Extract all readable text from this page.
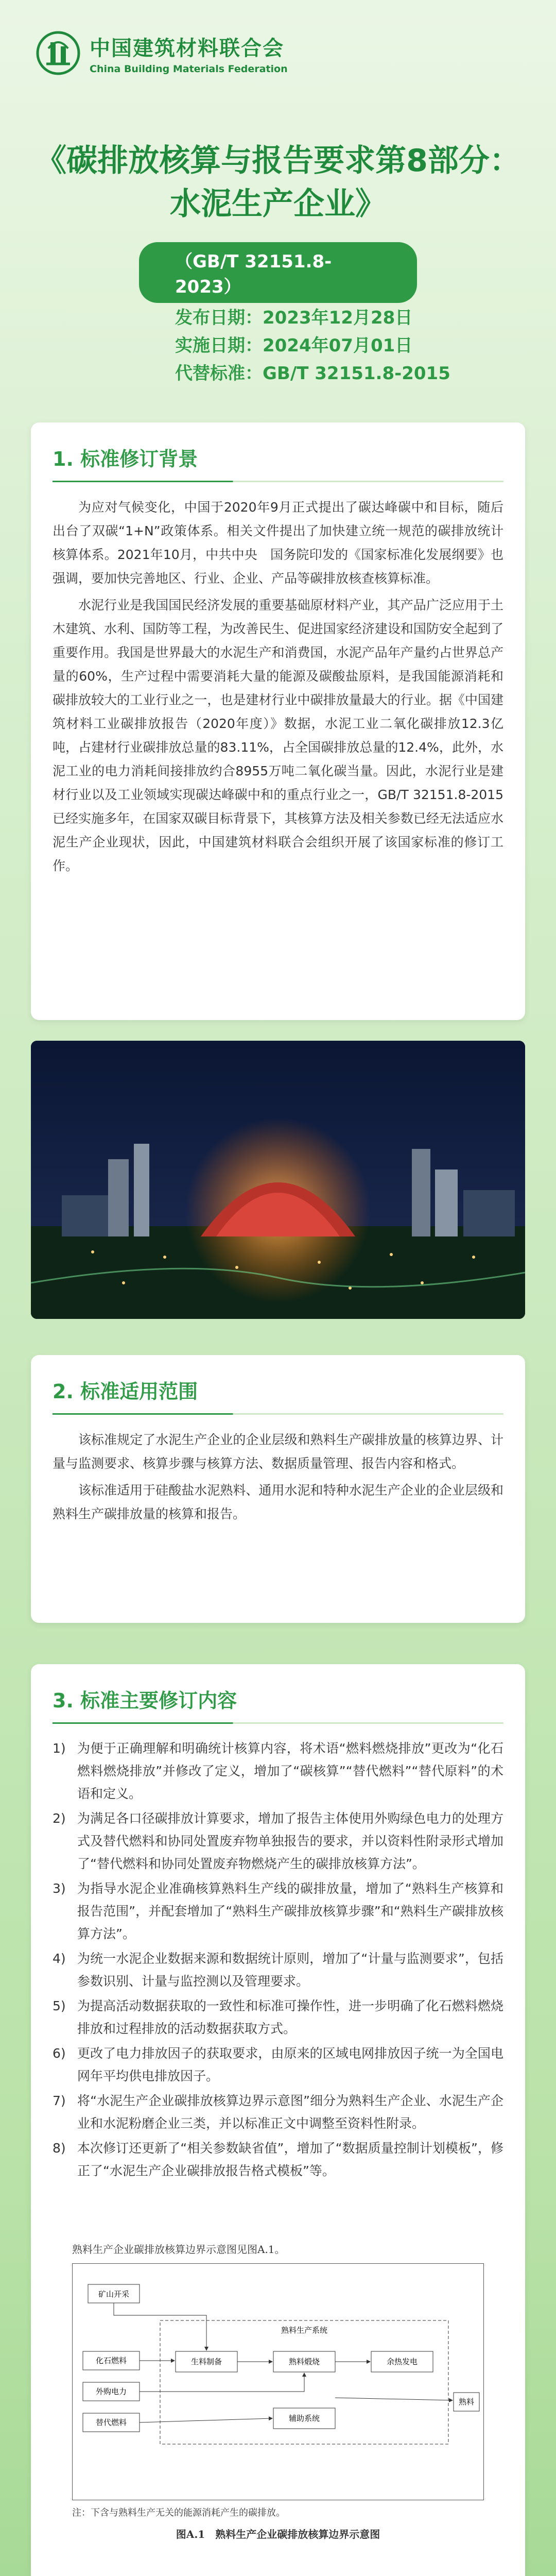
中国建筑材料联合会
China Building Materials Federation
《碳排放核算与报告要求第8部分：
水泥生产企业》
（GB/T 32151.8-2023）
发布日期：2023年12月28日
实施日期：2024年07月01日
代替标准：GB/T 32151.8-2015
1. 标准修订背景

为应对气候变化，中国于2020年9月正式提出了碳达峰碳中和目标，随后出台了双碳“1+N”政策体系。相关文件提出了加快建立统一规范的碳排放统计核算体系。2021年10月，中共中央　国务院印发的《国家标准化发展纲要》也强调，要加快完善地区、行业、企业、产品等碳排放核查核算标准。

水泥行业是我国国民经济发展的重要基础原材料产业，其产品广泛应用于土木建筑、水利、国防等工程，为改善民生、促进国家经济建设和国防安全起到了重要作用。我国是世界最大的水泥生产和消费国，水泥产品年产量约占世界总产量的60%，生产过程中需要消耗大量的能源及碳酸盐原料，是我国能源消耗和碳排放较大的工业行业之一，也是建材行业中碳排放量最大的行业。据《中国建筑材料工业碳排放报告（2020年度）》数据，水泥工业二氧化碳排放12.3亿吨，占建材行业碳排放总量的83.11%，占全国碳排放总量的12.4%，此外，水泥工业的电力消耗间接排放约合8955万吨二氧化碳当量。因此，水泥行业是建材行业以及工业领域实现碳达峰碳中和的重点行业之一，GB/T 32151.8-2015已经实施多年，在国家双碳目标背景下，其核算方法及相关参数已经无法适应水泥生产企业现状，因此，中国建筑材料联合会组织开展了该国家标准的修订工作。

2. 标准适用范围

该标准规定了水泥生产企业的企业层级和熟料生产碳排放量的核算边界、计量与监测要求、核算步骤与核算方法、数据质量管理、报告内容和格式。

该标准适用于硅酸盐水泥熟料、通用水泥和特种水泥生产企业的企业层级和熟料生产碳排放量的核算和报告。

3. 标准主要修订内容
1) 为便于正确理解和明确统计核算内容，将术语“燃料燃烧排放”更改为“化石燃料燃烧排放”并修改了定义，增加了“碳核算”“替代燃料”“替代原料”的术语和定义。
2) 为满足各口径碳排放计算要求，增加了报告主体使用外购绿色电力的处理方式及替代燃料和协同处置废弃物单独报告的要求，并以资料性附录形式增加了“替代燃料和协同处置废弃物燃烧产生的碳排放核算方法”。
3) 为指导水泥企业准确核算熟料生产线的碳排放量，增加了“熟料生产核算和报告范围”，并配套增加了“熟料生产碳排放核算步骤”和“熟料生产碳排放核算方法”。
4) 为统一水泥企业数据来源和数据统计原则，增加了“计量与监测要求”，包括参数识别、计量与监控测以及管理要求。
5) 为提高活动数据获取的一致性和标准可操作性，进一步明确了化石燃料燃烧排放和过程排放的活动数据获取方式。
6) 更改了电力排放因子的获取要求，由原来的区域电网排放因子统一为全国电网年平均供电排放因子。
7) 将“水泥生产企业碳排放核算边界示意图”细分为熟料生产企业、水泥生产企业和水泥粉磨企业三类，并以标准正文中调整至资料性附录。
8) 本次修订还更新了“相关参数缺省值”，增加了“数据质量控制计划模板”，修正了“水泥生产企业碳排放报告格式模板”等。
熟料生产企业碳排放核算边界示意图见图A.1。
矿山开采
熟料生产系统
生料制备	熟料煅烧	余热发电
化石燃料
外购电力
替代燃料
熟料
辅助系统
注：下含与熟料生产无关的能源消耗产生的碳排放。
图A.1　熟料生产企业碳排放核算边界示意图
